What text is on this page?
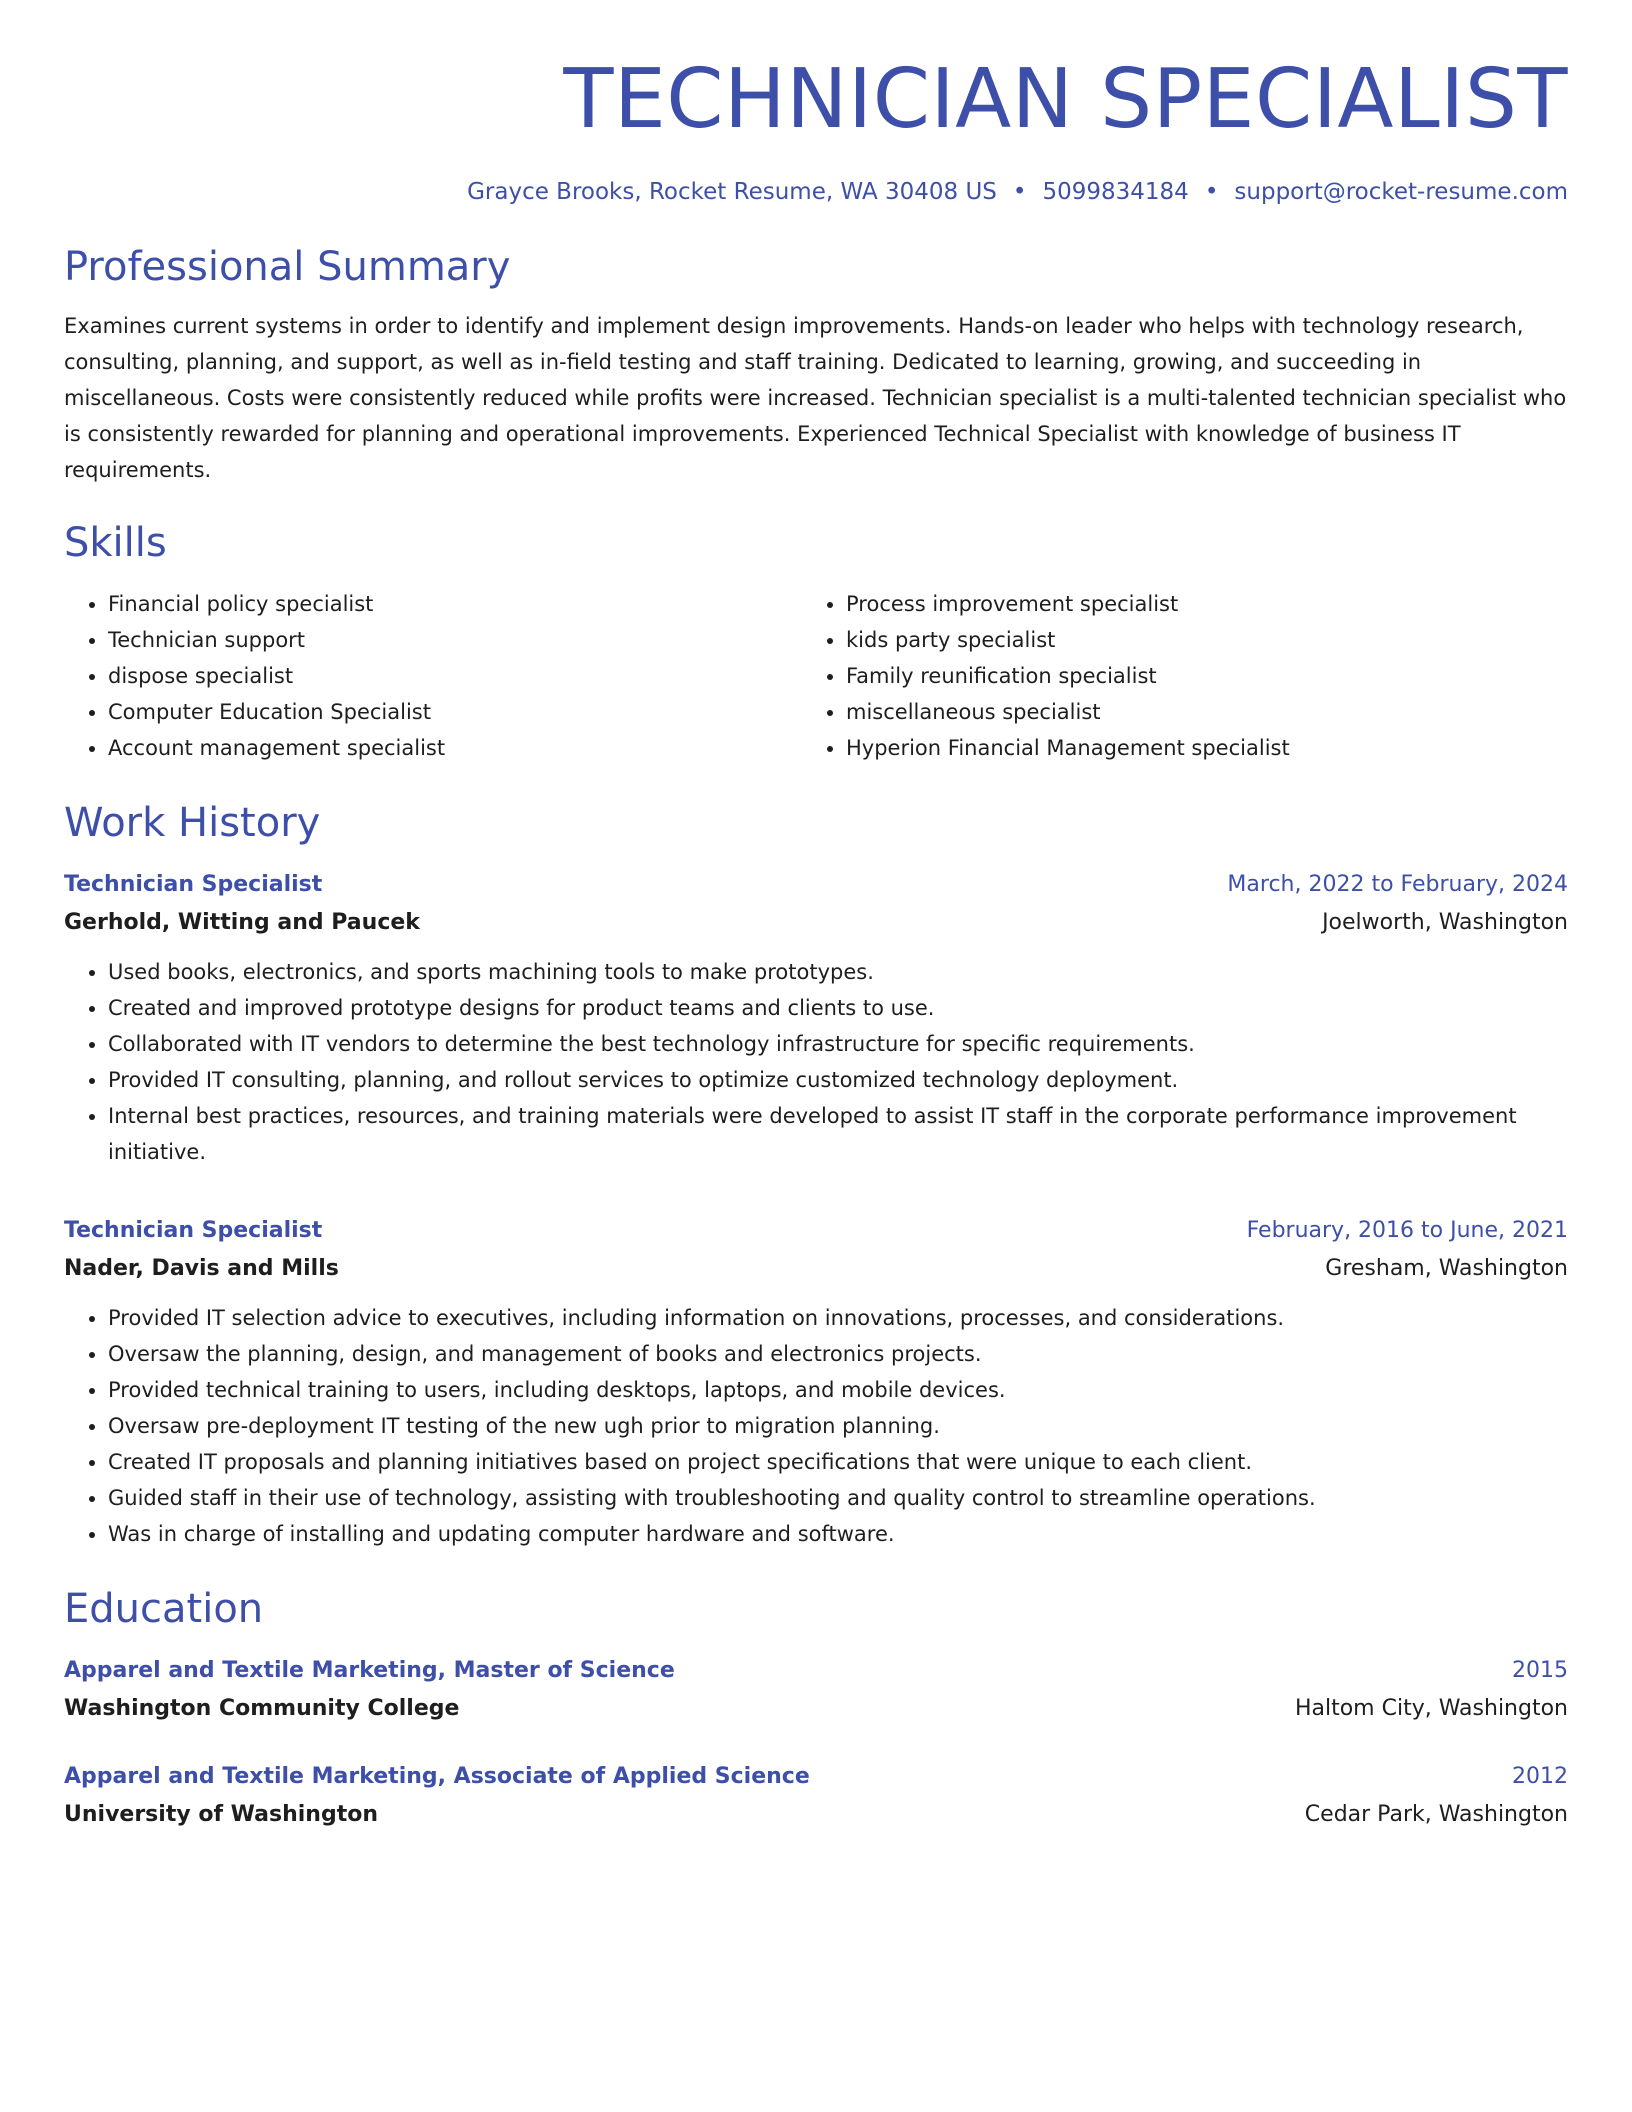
TECHNICIAN SPECIALIST
Grayce Brooks, Rocket Resume, WA 30408 US • 5099834184 • support@rocket-resume.com
Professional Summary
Examines current systems in order to identify and implement design improvements. Hands-on leader who helps with technology research, consulting, planning, and support, as well as in-field testing and staff training. Dedicated to learning, growing, and succeeding in miscellaneous. Costs were consistently reduced while profits were increased. Technician specialist is a multi-talented technician specialist who is consistently rewarded for planning and operational improvements. Experienced Technical Specialist with knowledge of business IT requirements.
Skills
• Financial policy specialist
• Technician support
• dispose specialist
• Computer Education Specialist
• Account management specialist
• Process improvement specialist
• kids party specialist
• Family reunification specialist
• miscellaneous specialist
• Hyperion Financial Management specialist
Work History
Technician Specialist	March, 2022 to February, 2024
Gerhold, Witting and Paucek	Joelworth, Washington
• Used books, electronics, and sports machining tools to make prototypes.
• Created and improved prototype designs for product teams and clients to use.
• Collaborated with IT vendors to determine the best technology infrastructure for specific requirements.
• Provided IT consulting, planning, and rollout services to optimize customized technology deployment.
• Internal best practices, resources, and training materials were developed to assist IT staff in the corporate performance improvement initiative.
Technician Specialist	February, 2016 to June, 2021
Nader, Davis and Mills	Gresham, Washington
• Provided IT selection advice to executives, including information on innovations, processes, and considerations.
• Oversaw the planning, design, and management of books and electronics projects.
• Provided technical training to users, including desktops, laptops, and mobile devices.
• Oversaw pre-deployment IT testing of the new ugh prior to migration planning.
• Created IT proposals and planning initiatives based on project specifications that were unique to each client.
• Guided staff in their use of technology, assisting with troubleshooting and quality control to streamline operations.
• Was in charge of installing and updating computer hardware and software.
Education
Apparel and Textile Marketing, Master of Science	2015
Washington Community College	Haltom City, Washington
Apparel and Textile Marketing, Associate of Applied Science	2012
University of Washington	Cedar Park, Washington
